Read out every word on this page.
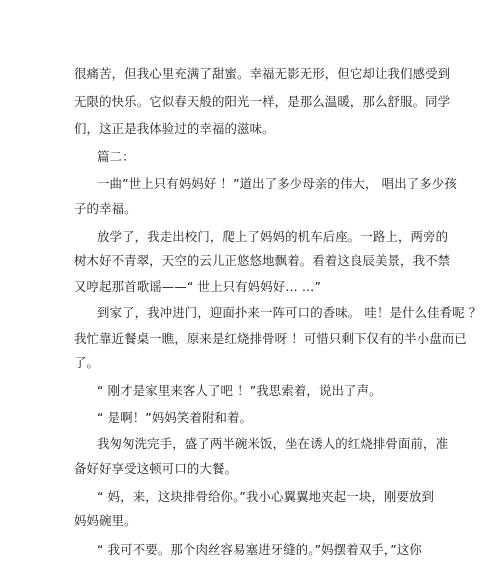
很痛苦，但我心里充满了甜蜜。幸福无影无形，但它却让我们感受到
无限的快乐。它似春天般的阳光一样，是那么温暖，那么舒服。同学
们，这正是我体验过的幸福的滋味。
篇二：
一曲”世上只有妈妈好 ！”道出了多少母亲的伟大， 唱出了多少孩
子的幸福。
放学了，我走出校门，爬上了妈妈的机车后座。一路上，两旁的
树木好不青翠，天空的云儿正悠悠地飘着。看着这良辰美景，我不禁
又哼起那首歌谣——“ 世上只有妈妈好… …”
到家了，我冲进门，迎面扑来一阵可口的香味。 哇！是什么佳肴呢 ？
我忙靠近餐桌一瞧，原来是红烧排骨呀 ！可惜只剩下仅有的半小盘而已
了。
“ 刚才是家里来客人了吧 ！”我思索着，说出了声。
“ 是啊！”妈妈笑着附和着。
我匆匆洗完手，盛了两半碗米饭，坐在诱人的红烧排骨面前，准
备好好享受这顿可口的大餐。
“ 妈，来，这块排骨给你。”我小心翼翼地夹起一块，刚要放到
妈妈碗里。
“ 我可不要。那个肉丝容易塞进牙缝的。”妈摆着双手，”这你
